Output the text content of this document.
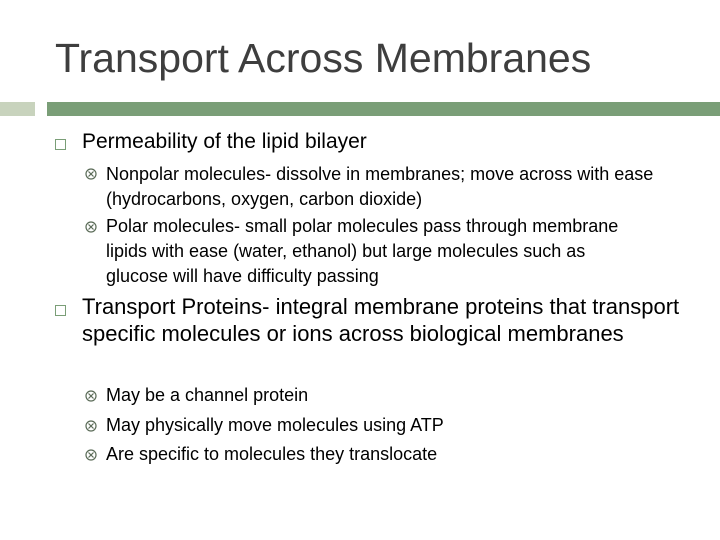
Transport Across Membranes
Permeability of the lipid bilayer
Nonpolar molecules- dissolve in membranes; move across with ease (hydrocarbons, oxygen, carbon dioxide)
Polar molecules- small polar molecules pass through membrane lipids with ease (water, ethanol) but large molecules such as glucose will have difficulty passing
Transport Proteins- integral membrane proteins that transport specific molecules or ions across biological membranes
May be a channel protein
May physically move molecules using ATP
Are specific to molecules they translocate
